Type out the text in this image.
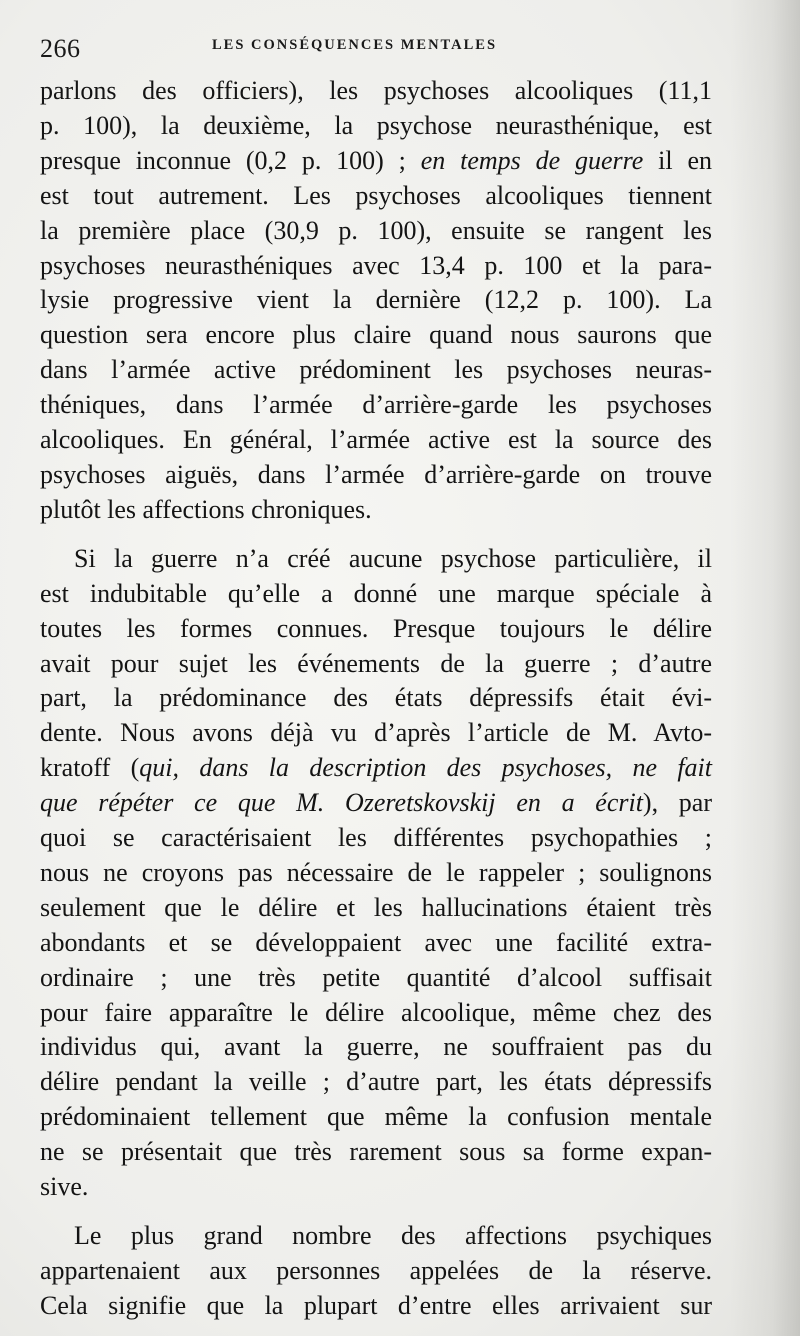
266	LES CONSÉQUENCES MENTALES
parlons des officiers), les psychoses alcooliques (11,1
p. 100), la deuxième, la psychose neurasthénique, est
presque inconnue (0,2 p. 100) ; en temps de guerre il en
est tout autrement. Les psychoses alcooliques tiennent
la première place (30,9 p. 100), ensuite se rangent les
psychoses neurasthéniques avec 13,4 p. 100 et la para-
lysie progressive vient la dernière (12,2 p. 100). La
question sera encore plus claire quand nous saurons que
dans l’armée active prédominent les psychoses neuras-
théniques, dans l’armée d’arrière-garde les psychoses
alcooliques. En général, l’armée active est la source des
psychoses aiguës, dans l’armée d’arrière-garde on trouve
plutôt les affections chroniques.
Si la guerre n’a créé aucune psychose particulière, il
est indubitable qu’elle a donné une marque spéciale à
toutes les formes connues. Presque toujours le délire
avait pour sujet les événements de la guerre ; d’autre
part, la prédominance des états dépressifs était évi-
dente. Nous avons déjà vu d’après l’article de M. Avto-
kratoff (qui, dans la description des psychoses, ne fait
que répéter ce que M. Ozeretskovskij en a écrit), par
quoi se caractérisaient les différentes psychopathies ;
nous ne croyons pas nécessaire de le rappeler ; soulignons
seulement que le délire et les hallucinations étaient très
abondants et se développaient avec une facilité extra-
ordinaire ; une très petite quantité d’alcool suffisait
pour faire apparaître le délire alcoolique, même chez des
individus qui, avant la guerre, ne souffraient pas du
délire pendant la veille ; d’autre part, les états dépressifs
prédominaient tellement que même la confusion mentale
ne se présentait que très rarement sous sa forme expan-
sive.
Le plus grand nombre des affections psychiques
appartenaient aux personnes appelées de la réserve.
Cela signifie que la plupart d’entre elles arrivaient sur
